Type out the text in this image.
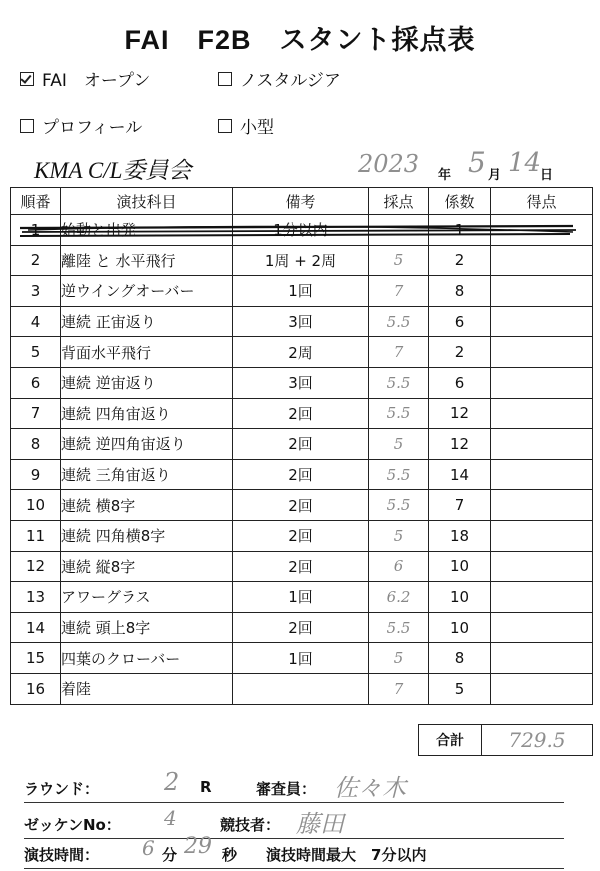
FAI　F2B　スタント採点表
FAI　オープン	ノスタルジア
プロフィール	小型
KMA C/L委員会	2023 年 5 月 14
日
順番	演技科目	備考	採点	係数	得点
1	始動と出発	1分以内		1	
2	離陸 と 水平飛行	1周 + 2周	5	2	
3	逆ウイングオーバー	1回	7	8	
4	連続 正宙返り	3回	5.5	6	
5	背面水平飛行	2周	7	2	
6	連続 逆宙返り	3回	5.5	6	
7	連続 四角宙返り	2回	5.5	12	
8	連続 逆四角宙返り	2回	5	12	
9	連続 三角宙返り	2回	5.5	14	
10	連続 横8字	2回	5.5	7	
11	連続 四角横8字	2回	5	18	
12	連続 縦8字	2回	6	10	
13	アワーグラス	1回	6.2	10	
14	連続 頭上8字	2回	5.5	10	
15	四葉のクローバー	1回	5	8	
16	着陸		7	5	
合計	729.5
ラウンド：	2 R	審査員： 佐々木
ゼッケンNo： 4	競技者： 藤田
演技時間： 6 分 29 秒 演技時間最大　7分以内
